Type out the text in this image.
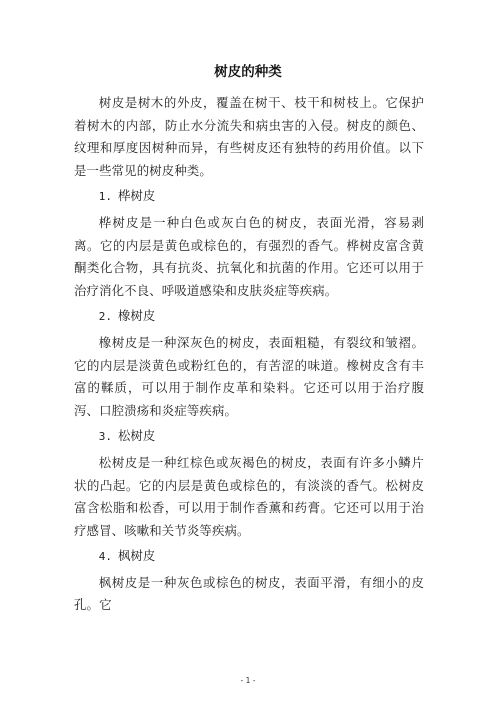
树皮的种类

树皮是树木的外皮，覆盖在树干、枝干和树枝上。它保护着树木的内部，防止水分流失和病虫害的入侵。树皮的颜色、纹理和厚度因树种而异，有些树皮还有独特的药用价值。以下是一些常见的树皮种类。

1. 桦树皮

桦树皮是一种白色或灰白色的树皮，表面光滑，容易剥离。它的内层是黄色或棕色的，有强烈的香气。桦树皮富含黄酮类化合物，具有抗炎、抗氧化和抗菌的作用。它还可以用于治疗消化不良、呼吸道感染和皮肤炎症等疾病。

2. 橡树皮

橡树皮是一种深灰色的树皮，表面粗糙，有裂纹和皱褶。它的内层是淡黄色或粉红色的，有苦涩的味道。橡树皮含有丰富的鞣质，可以用于制作皮革和染料。它还可以用于治疗腹泻、口腔溃疡和炎症等疾病。

3. 松树皮

松树皮是一种红棕色或灰褐色的树皮，表面有许多小鳞片状的凸起。它的内层是黄色或棕色的，有淡淡的香气。松树皮富含松脂和松香，可以用于制作香薰和药膏。它还可以用于治疗感冒、咳嗽和关节炎等疾病。

4. 枫树皮

枫树皮是一种灰色或棕色的树皮，表面平滑，有细小的皮孔。它

- 1 -
